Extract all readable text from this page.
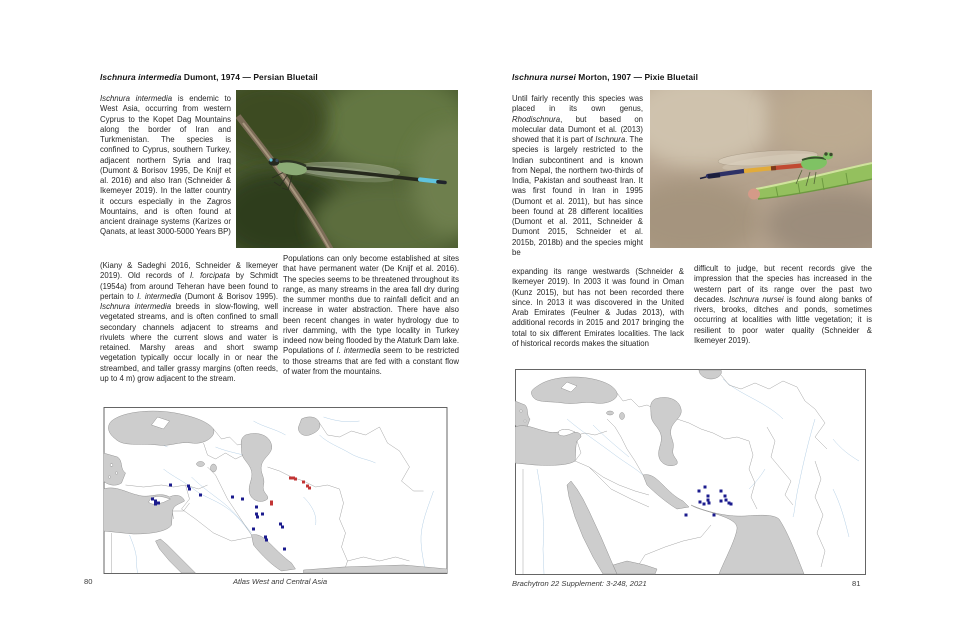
Ischnura intermedia Dumont, 1974 — Persian Bluetail
Ischnura intermedia is endemic to West Asia, occurring from western Cyprus to the Kopet Dag Mountains along the border of Iran and Turkmenistan. The species is confined to Cyprus, southern Turkey, adjacent northern Syria and Iraq (Dumont & Borisov 1995, De Knijf et al. 2016) and also Iran (Schneider & Ikemeyer 2019). In the latter country it occurs especially in the Zagros Mountains, and is often found at ancient drainage systems (Karizes or Qanats, at least 3000-5000 Years BP)
(Kiany & Sadeghi 2016, Schneider & Ikemeyer 2019). Old records of I. forcipata by Schmidt (1954a) from around Teheran have been found to pertain to I. intermedia (Dumont & Borisov 1995). Ischnura intermedia breeds in slow-flowing, well vegetated streams, and is often confined to small secondary channels adjacent to streams and rivulets where the current slows and water is retained. Marshy areas and short swamp vegetation typically occur locally in or near the streambed, and taller grassy margins (often reeds, up to 4 m) grow adjacent to the stream.
Populations can only become established at sites that have permanent water (De Knijf et al. 2016). The species seems to be threatened throughout its range, as many streams in the area fall dry during the summer months due to rainfall deficit and an increase in water abstraction. There have also been recent changes in water hydrology due to river damming, with the type locality in Turkey indeed now being flooded by the Ataturk Dam lake. Populations of I. intermedia seem to be restricted to those streams that are fed with a constant flow of water from the mountains.
80	Atlas West and Central Asia
Ischnura nursei Morton, 1907 — Pixie Bluetail
Until fairly recently this species was placed in its own genus, Rhodischnura, but based on molecular data Dumont et al. (2013) showed that it is part of Ischnura. The species is largely restricted to the Indian subcontinent and is known from Nepal, the northern two-thirds of India, Pakistan and southeast Iran. It was first found in Iran in 1995 (Dumont et al. 2011), but has since been found at 28 different localities (Dumont et al. 2011, Schneider & Dumont 2015, Schneider et al. 2015b, 2018b) and the species might be
expanding its range westwards (Schneider & Ikemeyer 2019). In 2003 it was found in Oman (Kunz 2015), but has not been recorded there since. In 2013 it was discovered in the United Arab Emirates (Feulner & Judas 2013), with additional records in 2015 and 2017 bringing the total to six different Emirates localities. The lack of historical records makes the situation
difficult to judge, but recent records give the impression that the species has increased in the western part of its range over the past two decades. Ischnura nursei is found along banks of rivers, brooks, ditches and ponds, sometimes occurring at localities with little vegetation; it is resilient to poor water quality (Schneider & Ikemeyer 2019).
Brachytron 22 Supplement: 3-248, 2021	81
